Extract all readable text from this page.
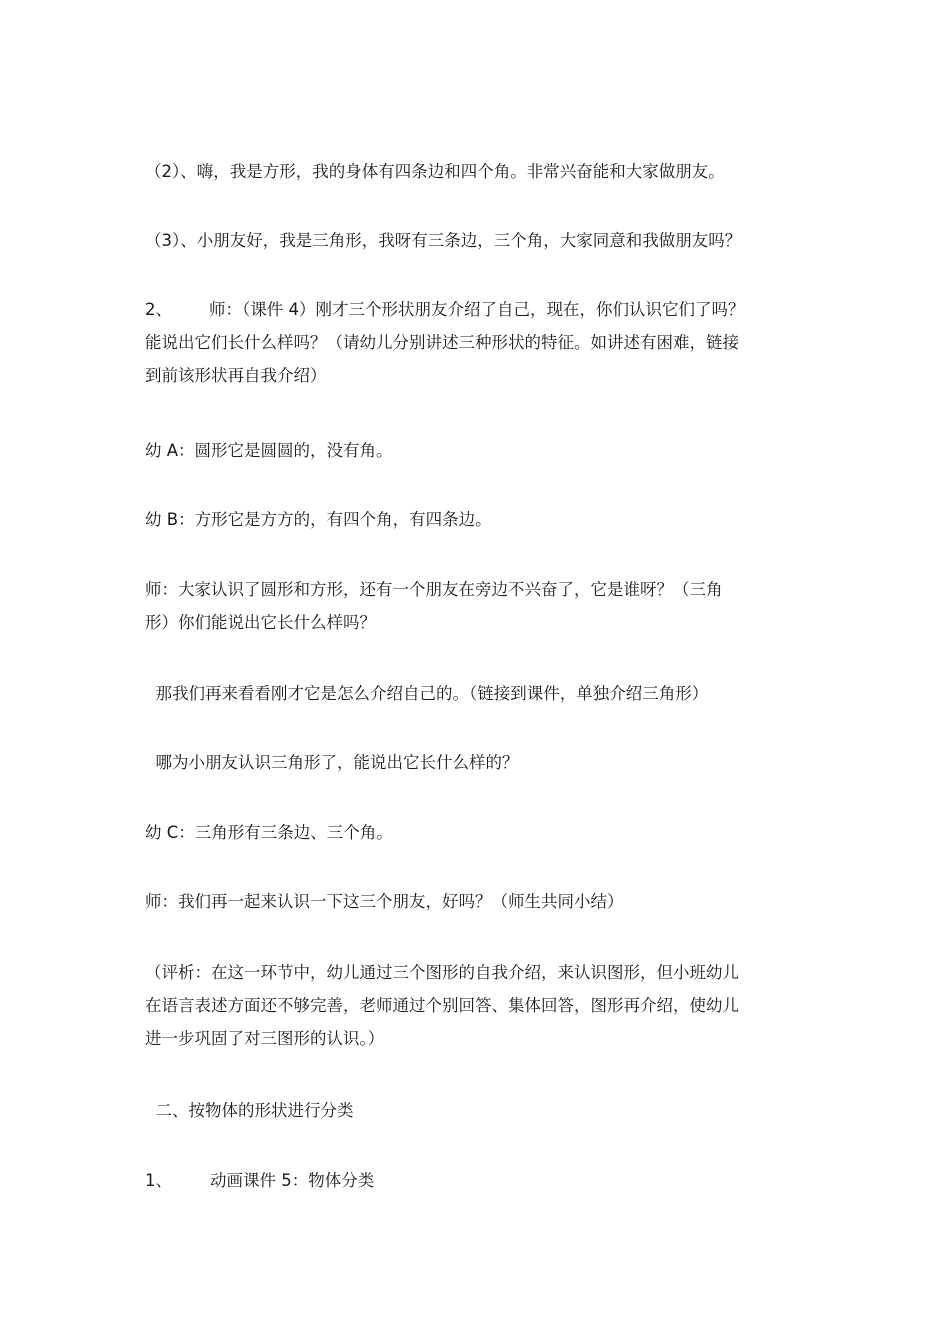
（2）、嗨，我是方形，我的身体有四条边和四个角。非常兴奋能和大家做朋友。
（3）、小朋友好，我是三角形，我呀有三条边，三个角，大家同意和我做朋友吗？
2、 师：（课件 4）刚才三个形状朋友介绍了自己，现在，你们认识它们了吗？
能说出它们长什么样吗？（请幼儿分别讲述三种形状的特征。如讲述有困难，链接
到前该形状再自我介绍）
幼 A：圆形它是圆圆的，没有角。
幼 B：方形它是方方的，有四个角，有四条边。
师：大家认识了圆形和方形，还有一个朋友在旁边不兴奋了，它是谁呀？（三角
形）你们能说出它长什么样吗？
那我们再来看看刚才它是怎么介绍自己的。（链接到课件，单独介绍三角形）
哪为小朋友认识三角形了，能说出它长什么样的？
幼 C：三角形有三条边、三个角。
师：我们再一起来认识一下这三个朋友，好吗？（师生共同小结）
（评析：在这一环节中，幼儿通过三个图形的自我介绍，来认识图形，但小班幼儿
在语言表述方面还不够完善，老师通过个别回答、集体回答，图形再介绍，使幼儿
进一步巩固了对三图形的认识。）
二、按物体的形状进行分类
1、 动画课件 5：物体分类
